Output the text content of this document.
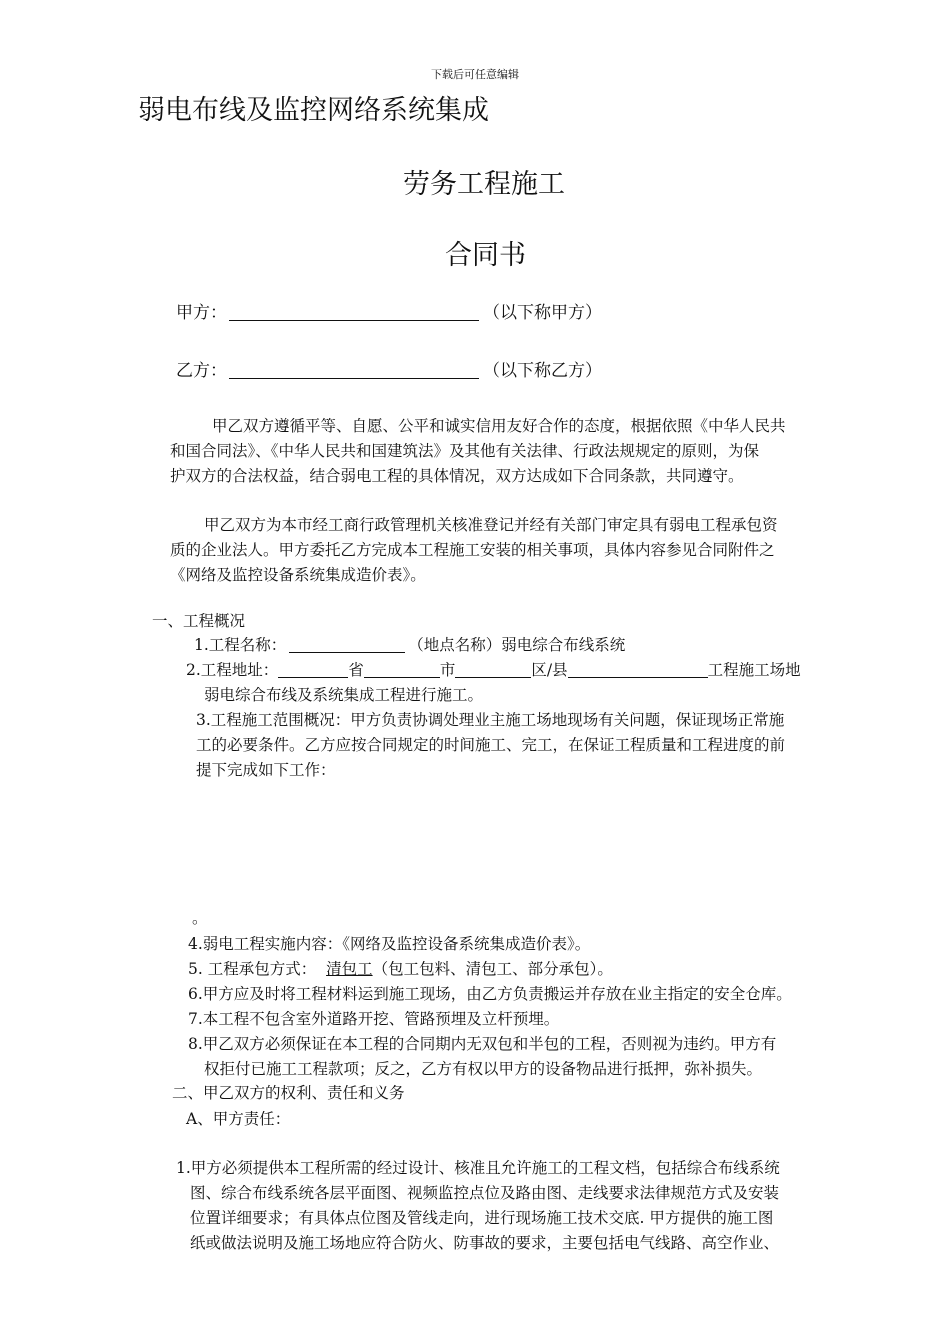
下载后可任意编辑
弱电布线及监控网络系统集成
劳务工程施工
合同书
甲方：	（以下称甲方）
乙方：	（以下称乙方）
甲乙双方遵循平等、自愿、公平和诚实信用友好合作的态度，根据依照《中华人民共
和国合同法》、《中华人民共和国建筑法》及其他有关法律、行政法规规定的原则，为保
护双方的合法权益，结合弱电工程的具体情况，双方达成如下合同条款，共同遵守。
甲乙双方为本市经工商行政管理机关核准登记并经有关部门审定具有弱电工程承包资
质的企业法人。甲方委托乙方完成本工程施工安装的相关事项，具体内容参见合同附件之
《网络及监控设备系统集成造价表》。
一、工程概况
1.工程名称：	（地点名称）弱电综合布线系统
2.工程地址：	省	市	区/县	工程施工场地
弱电综合布线及系统集成工程进行施工。
3.工程施工范围概况：甲方负责协调处理业主施工场地现场有关问题，保证现场正常施
工的必要条件。乙方应按合同规定的时间施工、完工，在保证工程质量和工程进度的前
提下完成如下工作：
。
4.弱电工程实施内容：《网络及监控设备系统集成造价表》。
5. 工程承包方式： 清包工（包工包料、清包工、部分承包）。
6.甲方应及时将工程材料运到施工现场，由乙方负责搬运并存放在业主指定的安全仓库。
7.本工程不包含室外道路开挖、管路预埋及立杆预埋。
8.甲乙双方必须保证在本工程的合同期内无双包和半包的工程，否则视为违约。甲方有
权拒付已施工工程款项；反之，乙方有权以甲方的设备物品进行抵押，弥补损失。
二、甲乙双方的权利、责任和义务
A、甲方责任：
1.甲方必须提供本工程所需的经过设计、核准且允许施工的工程文档，包括综合布线系统
图、综合布线系统各层平面图、视频监控点位及路由图、走线要求法律规范方式及安装
位置详细要求；有具体点位图及管线走向，进行现场施工技术交底. 甲方提供的施工图
纸或做法说明及施工场地应符合防火、防事故的要求，主要包括电气线路、高空作业、
